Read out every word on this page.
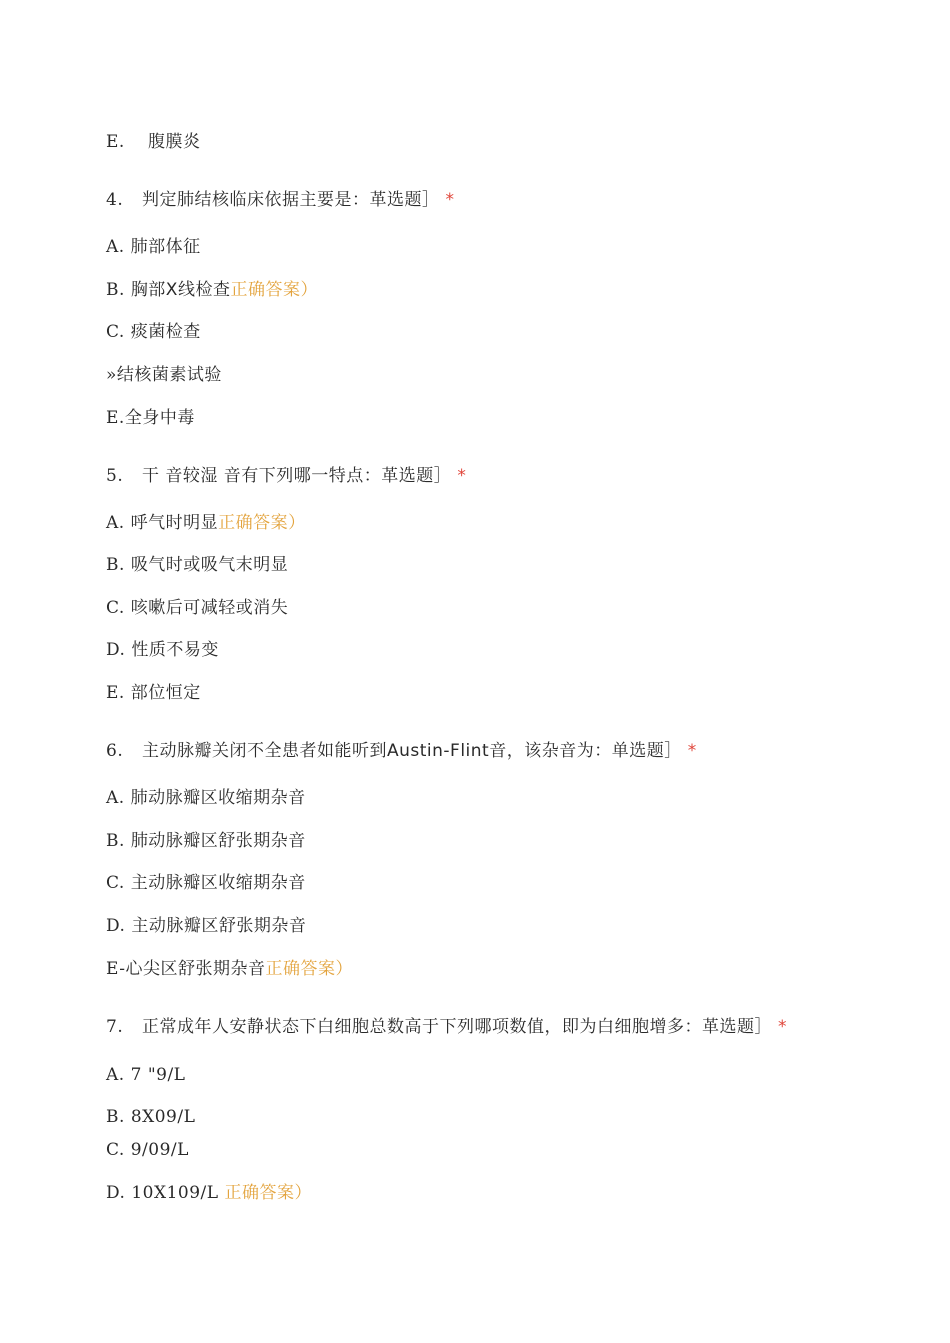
E. 腹膜炎
4. 判定肺结核临床依据主要是：革选题］ *
A. 肺部体征
B. 胸部X线检查正确答案）
C. 痰菌检查
»结核菌素试验
E.全身中毒
5. 干 音较湿 音有下列哪一特点：革选题］ *
A. 呼气时明显正确答案）
B. 吸气时或吸气末明显
C. 咳嗽后可减轻或消失
D. 性质不易变
E. 部位恒定
6. 主动脉瓣关闭不全患者如能听到Austin-Flint音，该杂音为：单选题］ *
A. 肺动脉瓣区收缩期杂音
B. 肺动脉瓣区舒张期杂音
C. 主动脉瓣区收缩期杂音
D. 主动脉瓣区舒张期杂音
E-心尖区舒张期杂音正确答案）
7. 正常成年人安静状态下白细胞总数高于下列哪项数值，即为白细胞增多：革选题］ *
A. 7 "9/L
B. 8X09/L
C. 9/09/L
D. 10X109/L 正确答案）
